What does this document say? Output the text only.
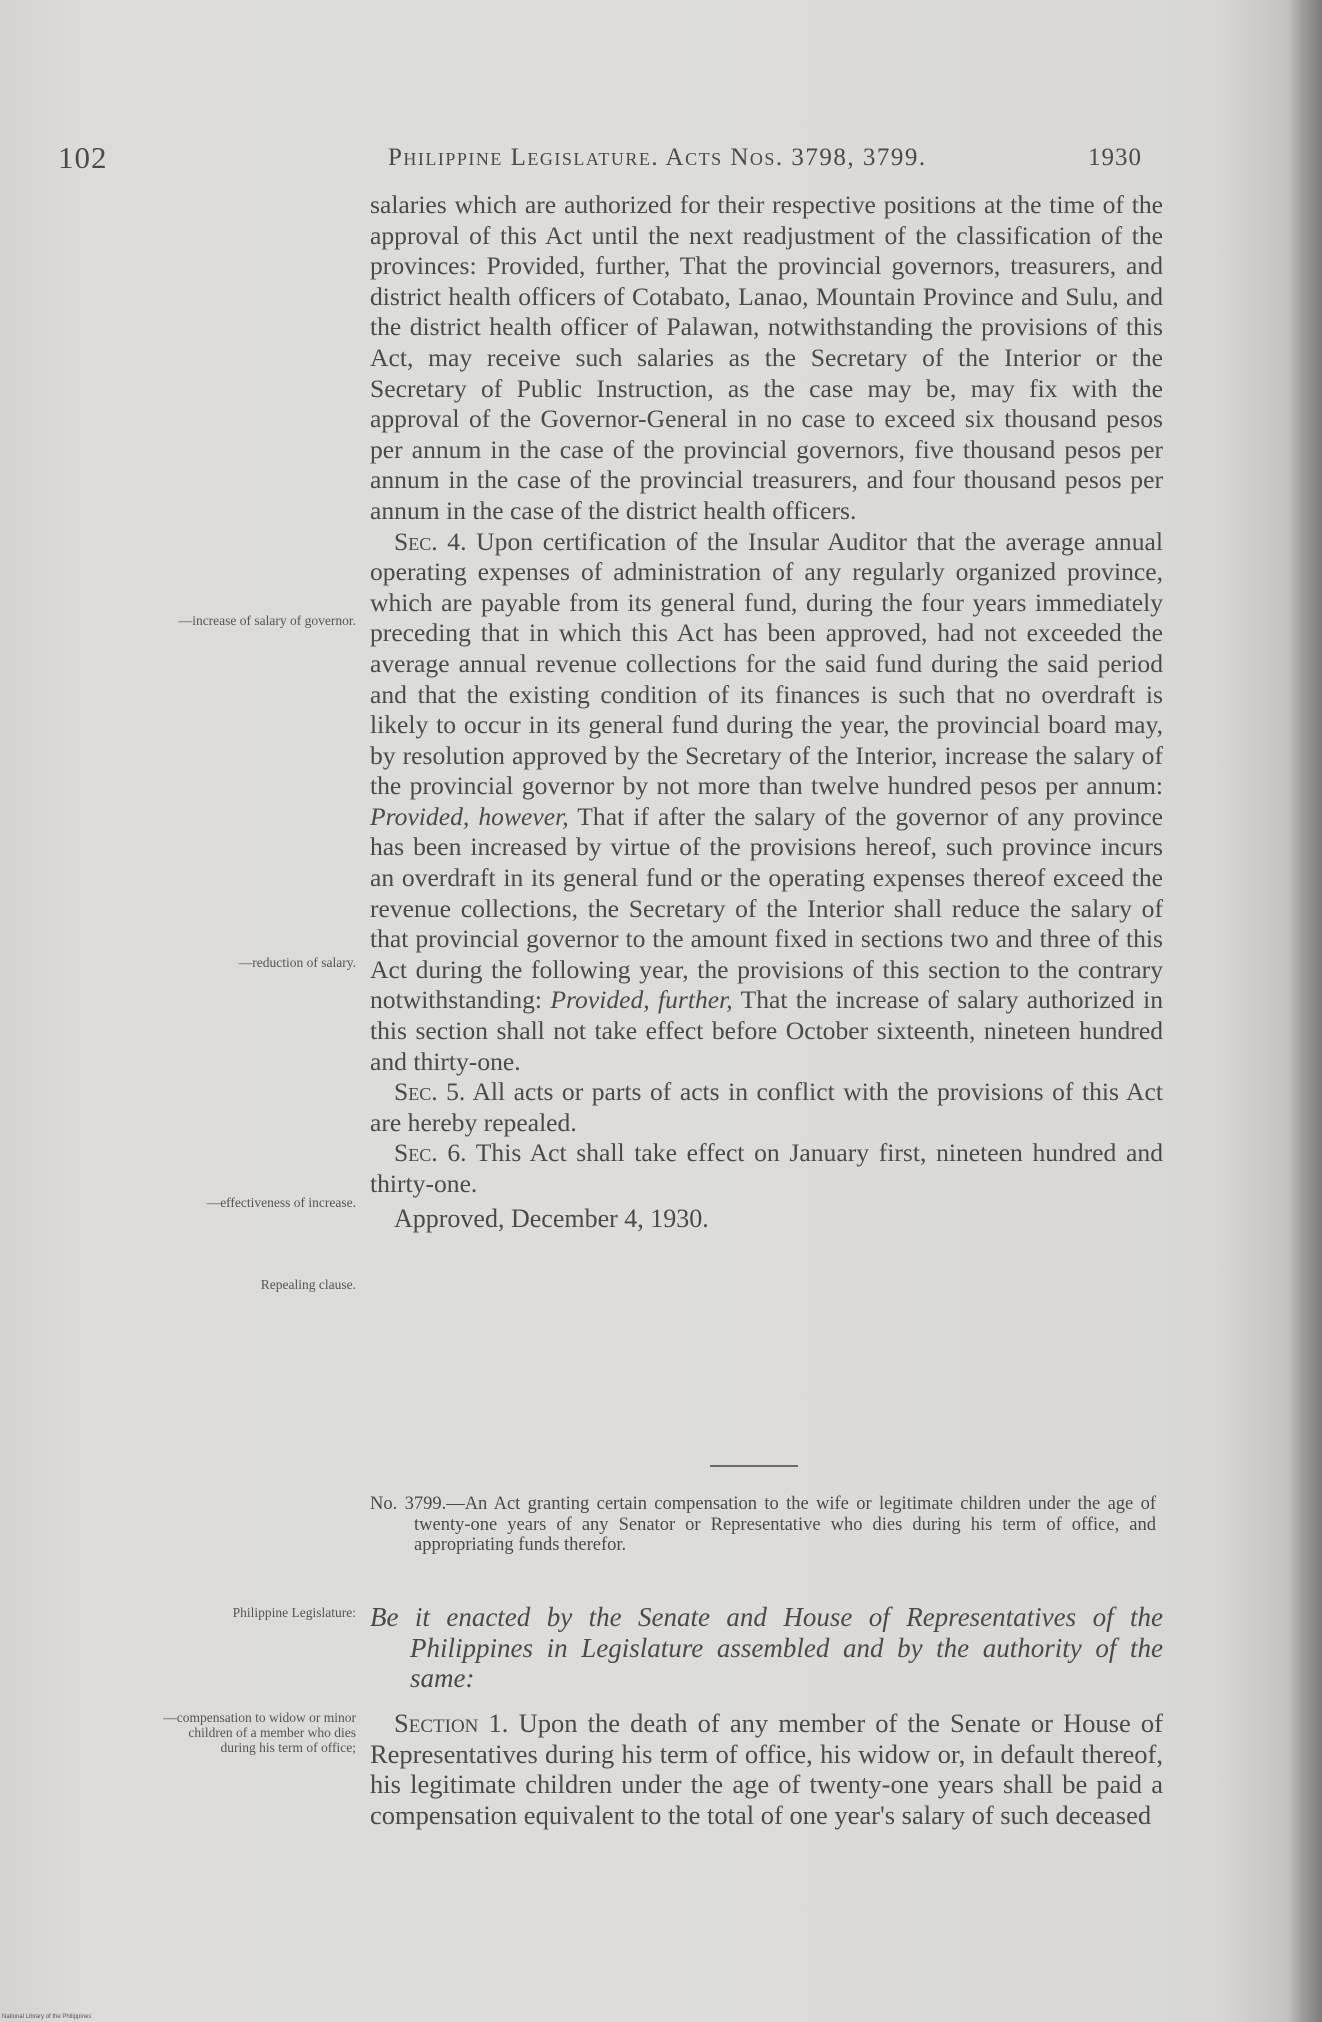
102	Philippine Legislature. Acts Nos. 3798, 3799.	1930

salaries which are authorized for their respective positions at the time of the approval of this Act until the next readjustment of the classification of the provinces: Provided, further, That the provincial governors, treasurers, and district health officers of Cotabato, Lanao, Mountain Province and Sulu, and the district health officer of Palawan, notwithstanding the provisions of this Act, may receive such salaries as the Secretary of the Interior or the Secretary of Public Instruction, as the case may be, may fix with the approval of the Governor-General in no case to exceed six thousand pesos per annum in the case of the provincial governors, five thousand pesos per annum in the case of the provincial treasurers, and four thousand pesos per annum in the case of the district health officers.

Sec. 4. Upon certification of the Insular Auditor that the average annual operating expenses of administration of any regularly organized province, which are payable from its general fund, during the four years immediately preceding that in which this Act has been approved, had not exceeded the average annual revenue collections for the said fund during the said period and that the existing condition of its finances is such that no overdraft is likely to occur in its general fund during the year, the provincial board may, by resolution approved by the Secretary of the Interior, increase the salary of the provincial governor by not more than twelve hundred pesos per annum: Provided, however, That if after the salary of the governor of any province has been increased by virtue of the provisions hereof, such province incurs an overdraft in its general fund or the operating expenses thereof exceed the revenue collections, the Secretary of the Interior shall reduce the salary of that provincial governor to the amount fixed in sections two and three of this Act during the following year, the provisions of this section to the contrary notwithstanding: Provided, further, That the increase of salary authorized in this section shall not take effect before October sixteenth, nineteen hundred and thirty-one.

Sec. 5. All acts or parts of acts in conflict with the provisions of this Act are hereby repealed.

Sec. 6. This Act shall take effect on January first, nineteen hundred and thirty-one.

Approved, December 4, 1930.

—increase of salary of governor.
—reduction of salary.
—effectiveness of increase.
Repealing clause.
No. 3799.—An Act granting certain compensation to the wife or legitimate children under the age of twenty-one years of any Senator or Representative who dies during his term of office, and appropriating funds therefor.
Philippine Legislature: Be it enacted by the Senate and House of Representatives of the Philippines in Legislature assembled and by the authority of the same:
—compensation to widow or minor children of a member who dies during his term of office;

Section 1. Upon the death of any member of the Senate or House of Representatives during his term of office, his widow or, in default thereof, his legitimate children under the age of twenty-one years shall be paid a compensation equivalent to the total of one year's salary of such deceased

National Library of the Philippines
